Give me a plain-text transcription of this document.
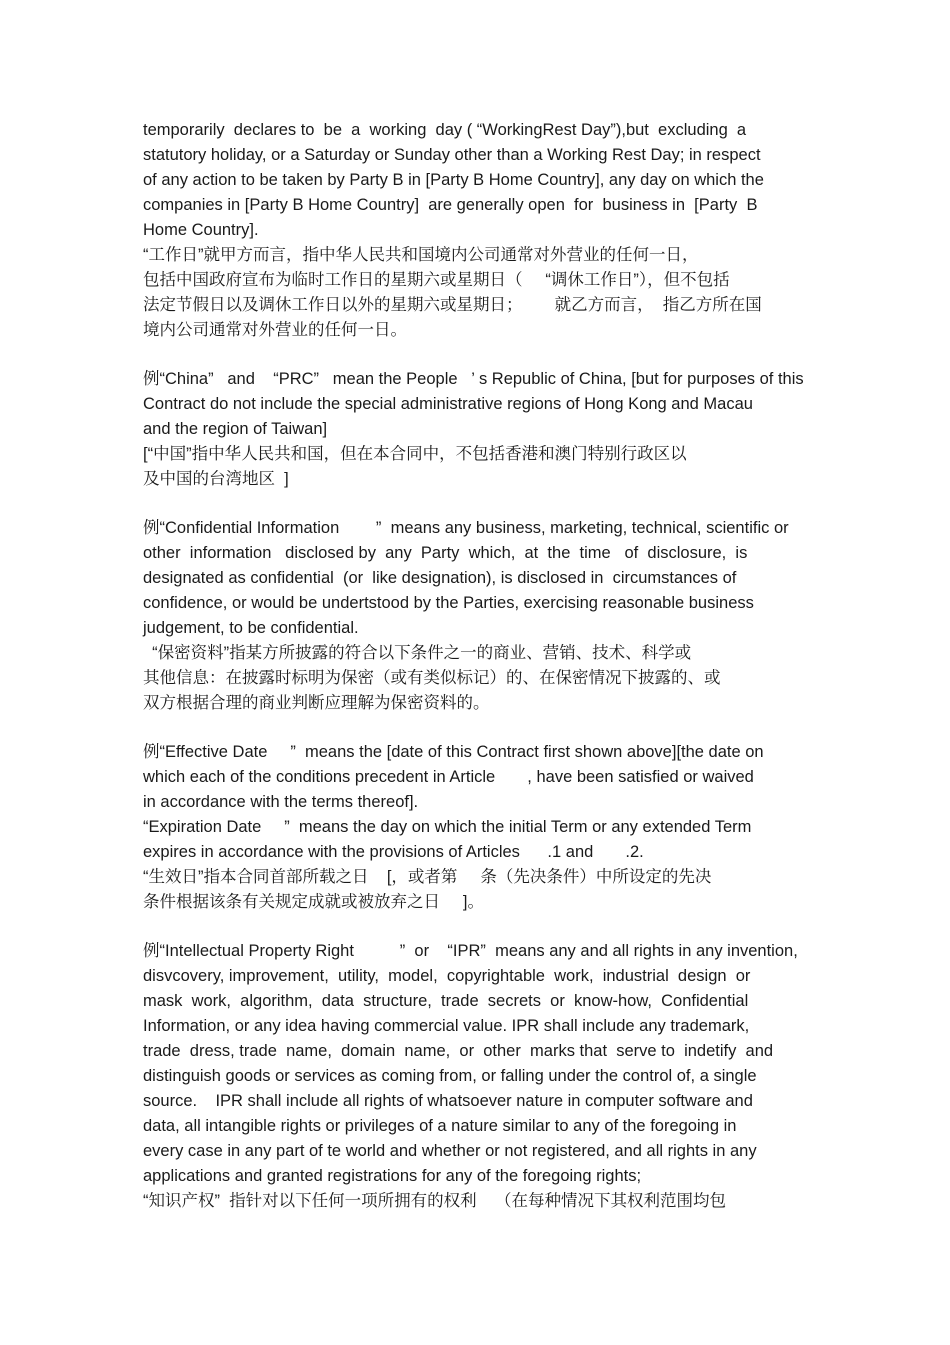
temporarily  declares to  be  a  working  day ( “WorkingRest Day”),but  excluding  a
statutory holiday, or a Saturday or Sunday other than a Working Rest Day; in respect
of any action to be taken by Party B in [Party B Home Country], any day on which the
companies in [Party B Home Country]  are generally open  for  business in  [Party  B
Home Country].
“工作日”就甲方而言，指中华人民共和国境内公司通常对外营业的任何一日，
包括中国政府宣布为临时工作日的星期六或星期日（     “调休工作日”），但不包括
法定节假日以及调休工作日以外的星期六或星期日；       就乙方而言，  指乙方所在国
境内公司通常对外营业的任何一日。
例“China”   and    “PRC”   mean the People   ’ s Republic of China, [but for purposes of this
Contract do not include the special administrative regions of Hong Kong and Macau
and the region of Taiwan]
[“中国”指中华人民共和国，但在本合同中，不包括香港和澳门特别行政区以
及中国的台湾地区  ]
例“Confidential Information        ”  means any business, marketing, technical, scientific or
other  information   disclosed by  any  Party  which,  at  the  time   of  disclosure,  is
designated as confidential  (or  like designation), is disclosed in  circumstances of
confidence, or would be undertstood by the Parties, exercising reasonable business
judgement, to be confidential.
“保密资料”指某方所披露的符合以下条件之一的商业、营销、技术、科学或
其他信息：在披露时标明为保密（或有类似标记）的、在保密情况下披露的、或
双方根据合理的商业判断应理解为保密资料的。
例“Effective Date     ”  means the [date of this Contract first shown above][the date on
which each of the conditions precedent in Article       , have been satisfied or waived
in accordance with the terms thereof].
“Expiration Date     ”  means the day on which the initial Term or any extended Term
expires in accordance with the provisions of Articles      .1 and       .2.
“生效日”指本合同首部所载之日    [，或者第     条（先决条件）中所设定的先决
条件根据该条有关规定成就或被放弃之日     ]。
例“Intellectual Property Right          ”  or    “IPR”  means any and all rights in any invention,
disvcovery, improvement,  utility,  model,  copyrightable  work,  industrial  design  or
mask  work,  algorithm,  data  structure,  trade  secrets  or  know-how,  Confidential
Information, or any idea having commercial value. IPR shall include any trademark,
trade  dress, trade  name,  domain  name,  or  other  marks that  serve to  indetify  and
distinguish goods or services as coming from, or falling under the control of, a single
source.    IPR shall include all rights of whatsoever nature in computer software and
data, all intangible rights or privileges of a nature similar to any of the foregoing in
every case in any part of te world and whether or not registered, and all rights in any
applications and granted registrations for any of the foregoing rights;
“知识产权”  指针对以下任何一项所拥有的权利    （在每种情况下其权利范围均包
